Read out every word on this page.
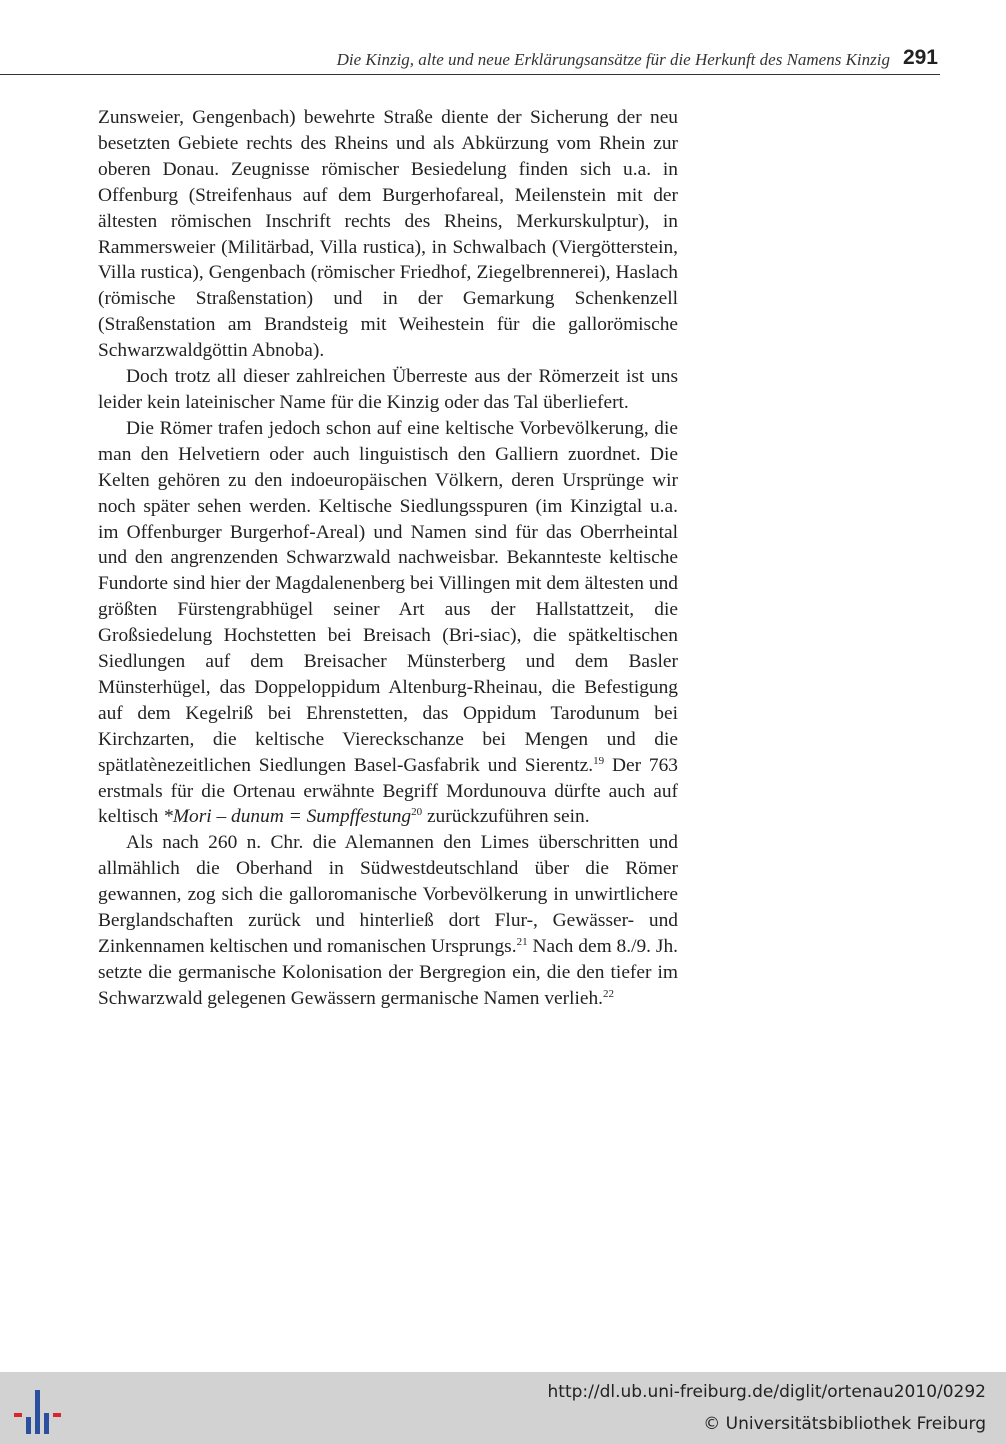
Die Kinzig, alte und neue Erklärungsansätze für die Herkunft des Namens Kinzig 291

Zunsweier, Gengenbach) bewehrte Straße diente der Sicherung der neu besetzten Gebiete rechts des Rheins und als Abkürzung vom Rhein zur oberen Donau. Zeugnisse römischer Besiedelung finden sich u.a. in Offenburg (Streifenhaus auf dem Burgerhofareal, Meilenstein mit der ältesten römischen Inschrift rechts des Rheins, Merkurskulptur), in Rammersweier (Militärbad, Villa rustica), in Schwalbach (Viergötterstein, Villa rustica), Gengenbach (römischer Friedhof, Ziegelbrennerei), Haslach (römische Straßenstation) und in der Gemarkung Schenkenzell (Straßenstation am Brandsteig mit Weihestein für die gallorömische Schwarzwaldgöttin Abnoba).

Doch trotz all dieser zahlreichen Überreste aus der Römerzeit ist uns leider kein lateinischer Name für die Kinzig oder das Tal überliefert.

Die Römer trafen jedoch schon auf eine keltische Vorbevölkerung, die man den Helvetiern oder auch linguistisch den Galliern zuordnet. Die Kelten gehören zu den indoeuropäischen Völkern, deren Ursprünge wir noch später sehen werden. Keltische Siedlungsspuren (im Kinzigtal u.a. im Offenburger Burgerhof-Areal) und Namen sind für das Oberrheintal und den angrenzenden Schwarzwald nachweisbar. Bekannteste keltische Fundorte sind hier der Magdalenenberg bei Villingen mit dem ältesten und größten Fürstengrabhügel seiner Art aus der Hallstattzeit, die Großsiedelung Hochstetten bei Breisach (Bri-siac), die spätkeltischen Siedlungen auf dem Breisacher Münsterberg und dem Basler Münsterhügel, das Doppeloppidum Altenburg-Rheinau, die Befestigung auf dem Kegelriß bei Ehrenstetten, das Oppidum Tarodunum bei Kirchzarten, die keltische Viereckschanze bei Mengen und die spätlatènezeitlichen Siedlungen Basel-Gasfabrik und Sierentz.$^{19}$ Der 763 erstmals für die Ortenau erwähnte Begriff Mordunouva dürfte auch auf keltisch *Mori – dunum = Sumpffestung$^{20}$ zurückzuführen sein.

Als nach 260 n. Chr. die Alemannen den Limes überschritten und allmählich die Oberhand in Südwestdeutschland über die Römer gewannen, zog sich die galloromanische Vorbevölkerung in unwirtlichere Berglandschaften zurück und hinterließ dort Flur-, Gewässer- und Zinkennamen keltischen und romanischen Ursprungs.$^{21}$ Nach dem 8./9. Jh. setzte die germanische Kolonisation der Bergregion ein, die den tiefer im Schwarzwald gelegenen Gewässern germanische Namen verlieh.$^{22}$

http://dl.ub.uni-freiburg.de/diglit/ortenau2010/0292
© Universitätsbibliothek Freiburg
